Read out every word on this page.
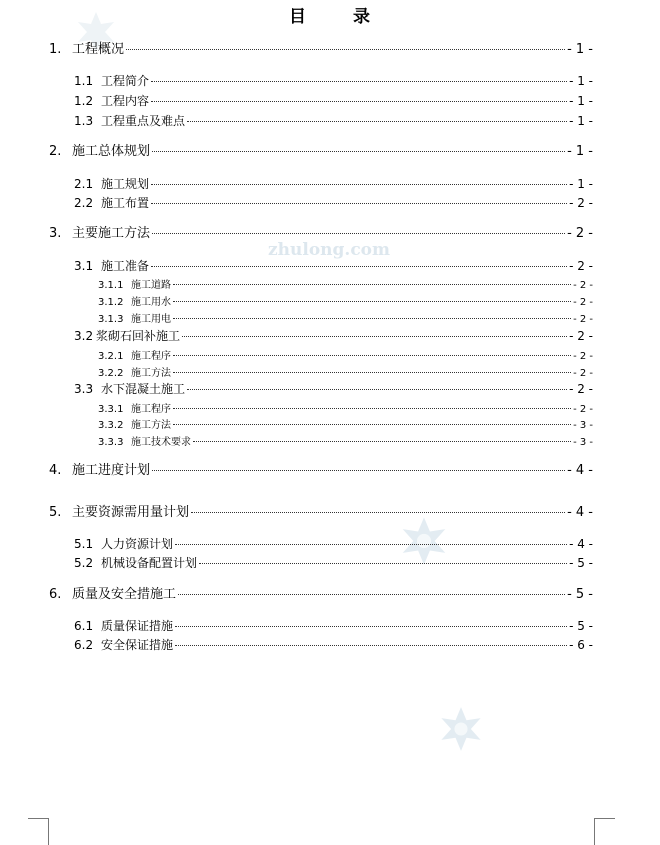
zhulong.com
目	录
1. 工程概况	- 1 -
1.1 工程简介	- 1 -
1.2 工程内容	- 1 -
1.3 工程重点及难点	- 1 -
2. 施工总体规划	- 1 -
2.1 施工规划	- 1 -
2.2 施工布置	- 2 -
3. 主要施工方法	- 2 -
3.1 施工准备	- 2 -
3.1.1 施工道路	- 2 -
3.1.2 施工用水	- 2 -
3.1.3 施工用电	- 2 -
3.2 浆砌石回补施工	- 2 -
3.2.1 施工程序	- 2 -
3.2.2 施工方法	- 2 -
3.3 水下混凝土施工	- 2 -
3.3.1 施工程序	- 2 -
3.3.2 施工方法	- 3 -
3.3.3 施工技术要求	- 3 -
4. 施工进度计划	- 4 -
5. 主要资源需用量计划	- 4 -
5.1 人力资源计划	- 4 -
5.2 机械设备配置计划	- 5 -
6. 质量及安全措施工	- 5 -
6.1 质量保证措施	- 5 -
6.2 安全保证措施	- 6 -
